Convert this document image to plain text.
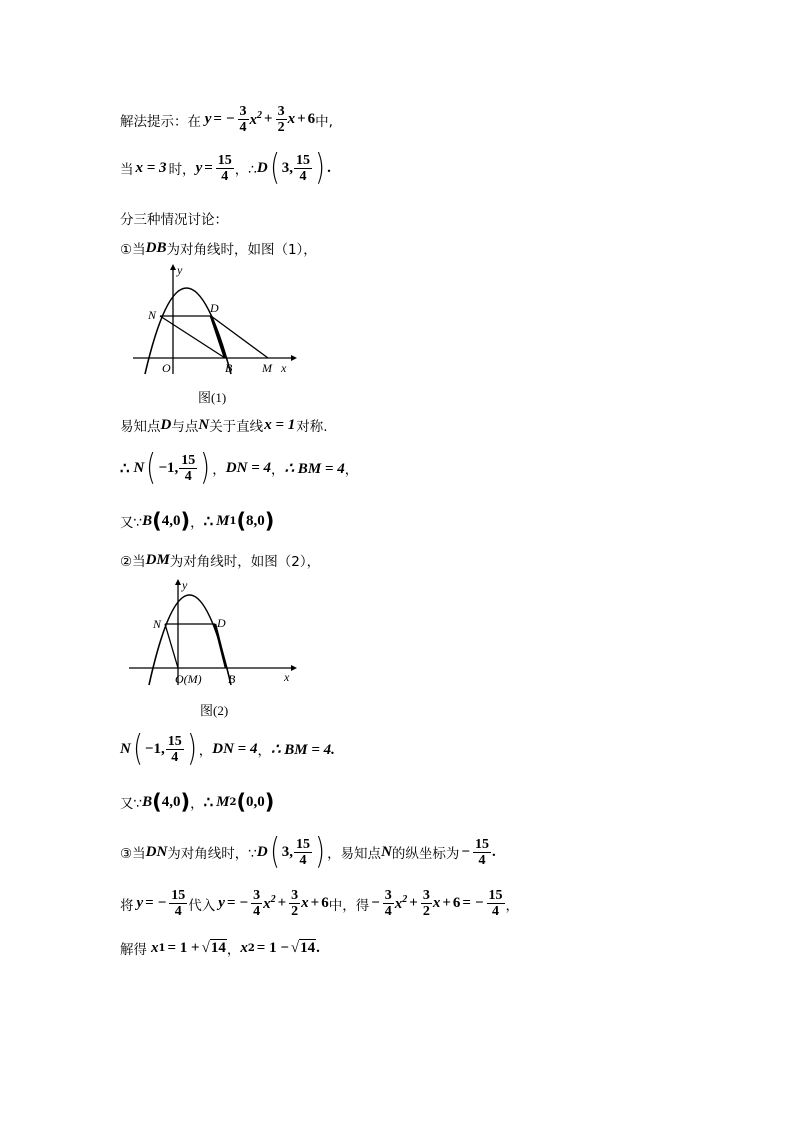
解法提示：在 y = − $\frac{3}{4} x^2 + \frac{3}{2}$ x + 6 中,
当 x = 3 时， $y = \frac{15}{4}$ ，∴ D ( 3, $\frac{15}{4}$ ) .
分三种情况讨论：
①当 DB 为对角线时，如图（1），
y
N	D
O	B M x
图(1)
易知点 D 与点 N 关于直线 x = 1 对称.
∴ N ( −1, $\frac{15}{4}$ ) ， DN = 4 ， ∴ BM = 4 ，
又∵ B ( 4,0 ) ， ∴ M 1 ( 8,0 )
②当 DM 为对角线时，如图（2），
y
N	D
O(M) B	x
图(2)
N ( −1, $\frac{15}{4}$ ) ， DN = 4 ， ∴ BM = 4.
又∵ B ( 4,0 ) ， ∴ M 2 ( 0,0 )
③当 DN 为对角线时，∵ D ( 3, $\frac{15}{4}$ ) ，易知点 N 的纵坐标为 − $\frac{15}{4}$ .
将 y = − $\frac{15}{4}$ 代入 y = − $\frac{3}{4} x^2 + \frac{3}{2}$ x + 6 中，得 − $\frac{3}{4} x^2 + \frac{3}{2}$ x + 6 = − $\frac{15}{4}$ ，
解得 x 1 = 1 + √ 14 ， x 2 = 1 − √ 14 .
